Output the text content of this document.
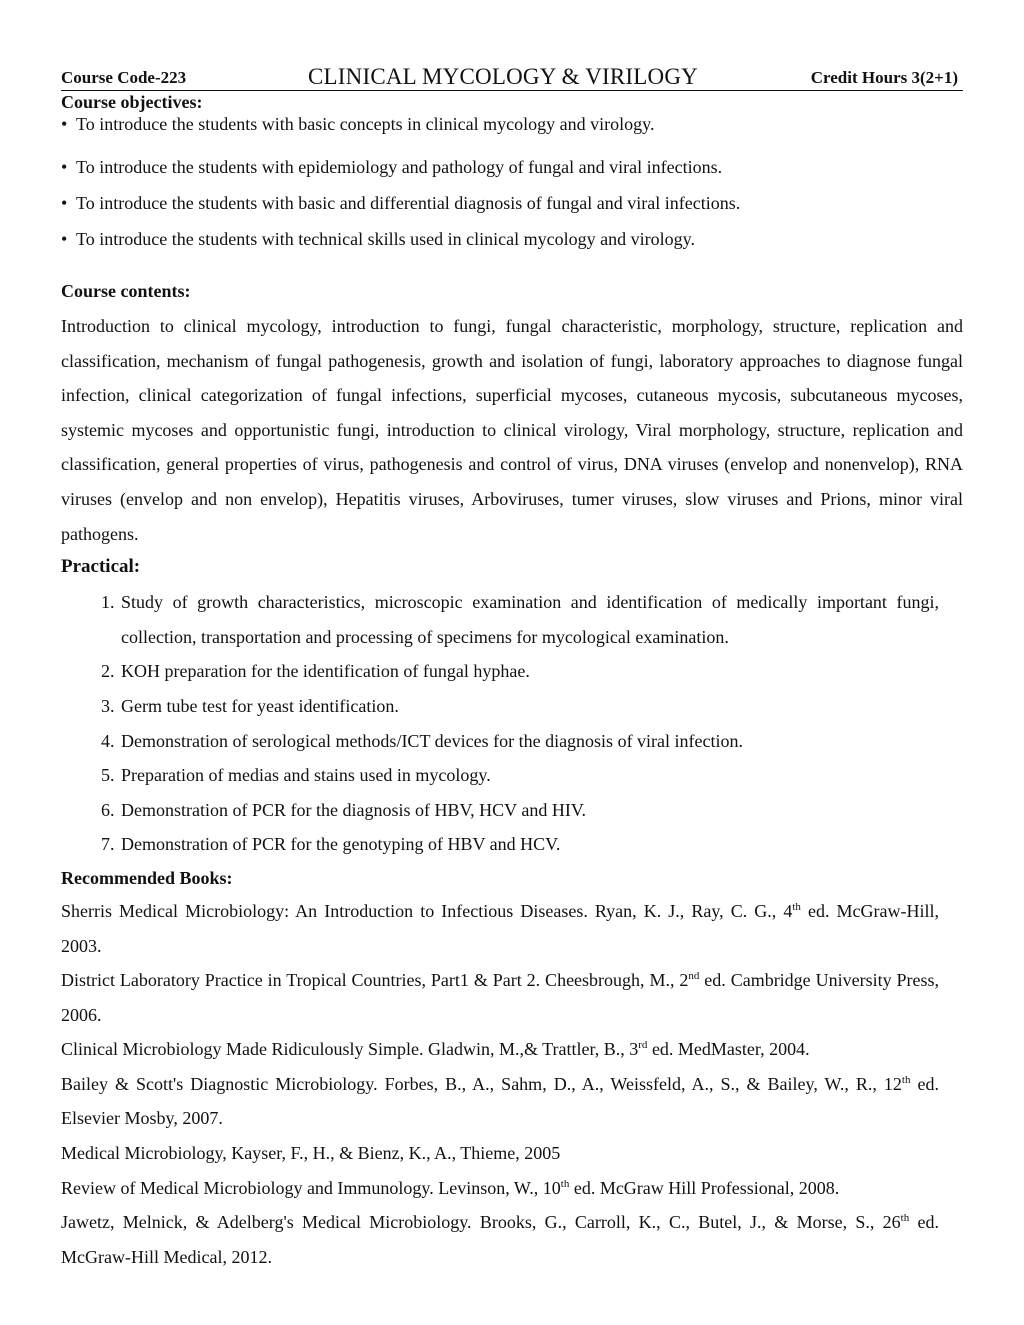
Course Code-223	CLINICAL MYCOLOGY & VIRILOGY	Credit Hours 3(2+1)
Course objectives:
• To introduce the students with basic concepts in clinical mycology and virology.
• To introduce the students with epidemiology and pathology of fungal and viral infections.
• To introduce the students with basic and differential diagnosis of fungal and viral infections.
• To introduce the students with technical skills used in clinical mycology and virology.
Course contents:

Introduction to clinical mycology, introduction to fungi, fungal characteristic, morphology, structure, replication and classification, mechanism of fungal pathogenesis, growth and isolation of fungi, laboratory approaches to diagnose fungal infection, clinical categorization of fungal infections, superficial mycoses, cutaneous mycosis, subcutaneous mycoses, systemic mycoses and opportunistic fungi, introduction to clinical virology, Viral morphology, structure, replication and classification, general properties of virus, pathogenesis and control of virus, DNA viruses (envelop and nonenvelop), RNA viruses (envelop and non envelop), Hepatitis viruses, Arboviruses, tumer viruses, slow viruses and Prions, minor viral pathogens.

Practical:
1. Study of growth characteristics, microscopic examination and identification of medically important fungi, collection, transportation and processing of specimens for mycological examination.
2. KOH preparation for the identification of fungal hyphae.
3. Germ tube test for yeast identification.
4. Demonstration of serological methods/ICT devices for the diagnosis of viral infection.
5. Preparation of medias and stains used in mycology.
6. Demonstration of PCR for the diagnosis of HBV, HCV and HIV.
7. Demonstration of PCR for the genotyping of HBV and HCV.
Recommended Books:

Sherris Medical Microbiology: An Introduction to Infectious Diseases. Ryan, K. J., Ray, C. G., 4th ed. McGraw-Hill, 2003.

District Laboratory Practice in Tropical Countries, Part1 & Part 2. Cheesbrough, M., 2nd ed. Cambridge University Press, 2006.

Clinical Microbiology Made Ridiculously Simple. Gladwin, M.,& Trattler, B., 3rd ed. MedMaster, 2004.

Bailey & Scott's Diagnostic Microbiology. Forbes, B., A., Sahm, D., A., Weissfeld, A., S., & Bailey, W., R., 12th ed. Elsevier Mosby, 2007.

Medical Microbiology, Kayser, F., H., & Bienz, K., A., Thieme, 2005

Review of Medical Microbiology and Immunology. Levinson, W., 10th ed. McGraw Hill Professional, 2008.

Jawetz, Melnick, & Adelberg's Medical Microbiology. Brooks, G., Carroll, K., C., Butel, J., & Morse, S., 26th ed. McGraw-Hill Medical, 2012.
